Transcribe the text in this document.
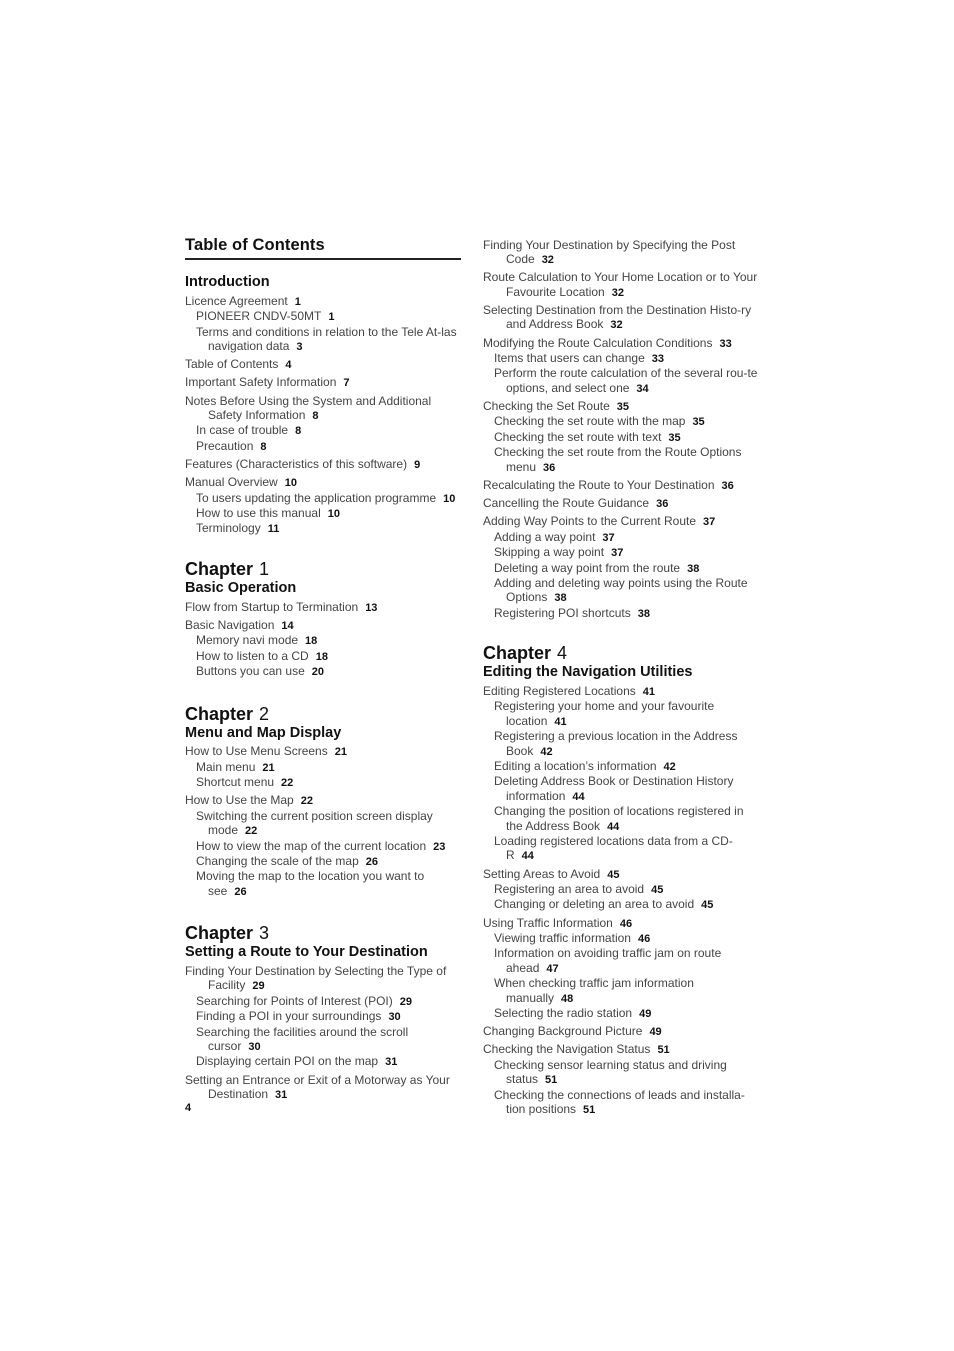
Table of Contents
Introduction
Licence Agreement 1
PIONEER CNDV-50MT 1
Terms and conditions in relation to the Tele At-las navigation data 3
Table of Contents 4
Important Safety Information 7
Notes Before Using the System and Additional Safety Information 8
In case of trouble 8
Precaution 8
Features (Characteristics of this software) 9
Manual Overview 10
To users updating the application programme 10
How to use this manual 10
Terminology 11
Chapter 1
Basic Operation
Flow from Startup to Termination 13
Basic Navigation 14
Memory navi mode 18
How to listen to a CD 18
Buttons you can use 20
Chapter 2
Menu and Map Display
How to Use Menu Screens 21
Main menu 21
Shortcut menu 22
How to Use the Map 22
Switching the current position screen display mode 22
How to view the map of the current location 23
Changing the scale of the map 26
Moving the map to the location you want to see 26
Chapter 3
Setting a Route to Your Destination
Finding Your Destination by Selecting the Type of Facility 29
Searching for Points of Interest (POI) 29
Finding a POI in your surroundings 30
Searching the facilities around the scroll cursor 30
Displaying certain POI on the map 31
Setting an Entrance or Exit of a Motorway as Your Destination 31
Finding Your Destination by Specifying the Post Code 32
Route Calculation to Your Home Location or to Your Favourite Location 32
Selecting Destination from the Destination Histo-ry and Address Book 32
Modifying the Route Calculation Conditions 33
Items that users can change 33
Perform the route calculation of the several rou-te options, and select one 34
Checking the Set Route 35
Checking the set route with the map 35
Checking the set route with text 35
Checking the set route from the Route Options menu 36
Recalculating the Route to Your Destination 36
Cancelling the Route Guidance 36
Adding Way Points to the Current Route 37
Adding a way point 37
Skipping a way point 37
Deleting a way point from the route 38
Adding and deleting way points using the Route Options 38
Registering POI shortcuts 38
Chapter 4
Editing the Navigation Utilities
Editing Registered Locations 41
Registering your home and your favourite location 41
Registering a previous location in the Address Book 42
Editing a location’s information 42
Deleting Address Book or Destination History information 44
Changing the position of locations registered in the Address Book 44
Loading registered locations data from a CD-R 44
Setting Areas to Avoid 45
Registering an area to avoid 45
Changing or deleting an area to avoid 45
Using Traffic Information 46
Viewing traffic information 46
Information on avoiding traffic jam on route ahead 47
When checking traffic jam information manually 48
Selecting the radio station 49
Changing Background Picture 49
Checking the Navigation Status 51
Checking sensor learning status and driving status 51
Checking the connections of leads and installa-tion positions 51
4
